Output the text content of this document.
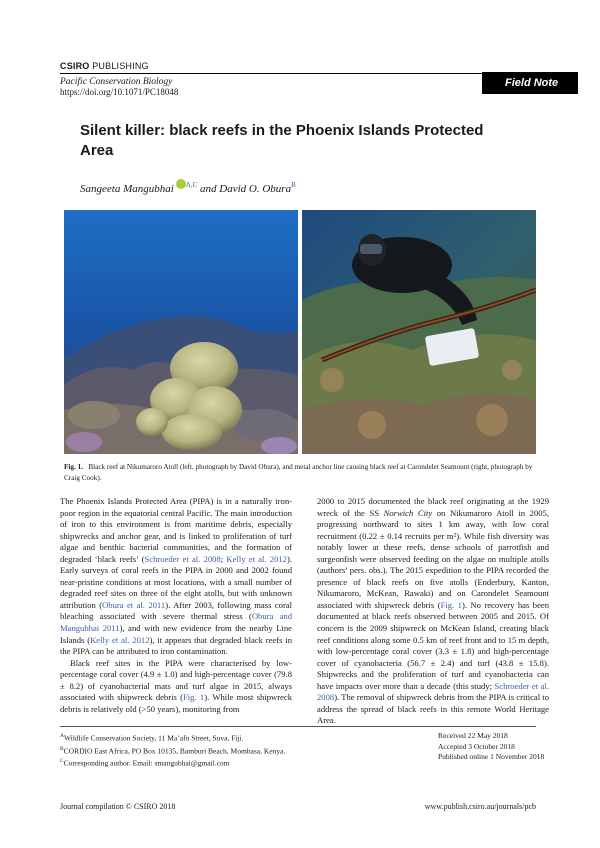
CSIRO PUBLISHING
Pacific Conservation Biology
https://doi.org/10.1071/PC18048
Field Note
Silent killer: black reefs in the Phoenix Islands Protected Area
Sangeeta Mangubhai $^{A,C}$ and David O. Obura$^B$
Fig. 1. Black reef at Nikumaroro Atoll (left, photograph by David Obura), and metal anchor line causing black reef at Carondelet Seamount (right, photograph by Craig Cook).

The Phoenix Islands Protected Area (PIPA) is in a naturally iron-poor region in the equatorial central Pacific. The main introduction of iron to this environment is from maritime debris, especially shipwrecks and anchor gear, and is linked to proliferation of turf algae and benthic bacterial communities, and the formation of degraded ‘black reefs’ (Schroeder et al. 2008; Kelly et al. 2012). Early surveys of coral reefs in the PIPA in 2000 and 2002 found near-pristine conditions at most locations, with a small number of degraded reef sites on three of the eight atolls, but with unknown attribution (Obura et al. 2011). After 2003, following mass coral bleaching associated with severe thermal stress (Obura and Mangubhai 2011), and with new evidence from the nearby Line Islands (Kelly et al. 2012), it appears that degraded black reefs in the PIPA can be attributed to iron contamination.

Black reef sites in the PIPA were characterised by low-percentage coral cover (4.9 ± 1.0) and high-percentage cover (79.8 ± 8.2) of cyanobacterial mats and turf algae in 2015, always associated with shipwreck debris (Fig. 1). While most shipwreck debris is relatively old (>50 years), monitoring from

2000 to 2015 documented the black reef originating at the 1929 wreck of the SS Norwich City on Nikumaroro Atoll in 2005, progressing northward to sites 1 km away, with low coral recruitment (0.22 ± 0.14 recruits per m²). While fish diversity was notably lower at these reefs, dense schools of parrotfish and surgeonfish were observed feeding on the algae on multiple atolls (authors’ pers. obs.). The 2015 expedition to the PIPA recorded the presence of black reefs on five atolls (Enderbury, Kanton, Nikumaroro, McKean, Rawaki) and on Carondelet Seamount associated with shipwreck debris (Fig. 1). No recovery has been documented at black reefs observed between 2005 and 2015. Of concern is the 2009 shipwreck on McKean Island, creating black reef conditions along some 0.5 km of reef front and to 15 m depth, with low-percentage coral cover (3.3 ± 1.8) and high-percentage cover of cyanobacteria (56.7 ± 2.4) and turf (43.8 ± 15.8). Shipwrecks and the proliferation of turf and cyanobacteria can have impacts over more than a decade (this study; Schroeder et al. 2008). The removal of shipwreck debris from the PIPA is critical to address the spread of black reefs in this remote World Heritage Area.

$^A$Wildlife Conservation Society, 11 Ma’afu Street, Suva, Fiji.
$^B$CORDIO East Africa, PO Box 10135, Bamburi Beach, Mombasa, Kenya.
$^C$Corresponding author. Email: smangubhai@gmail.com
Received 22 May 2018
Accepted 3 October 2018
Published online 1 November 2018
Journal compilation © CSIRO 2018	www.publish.csiro.au/journals/pcb
